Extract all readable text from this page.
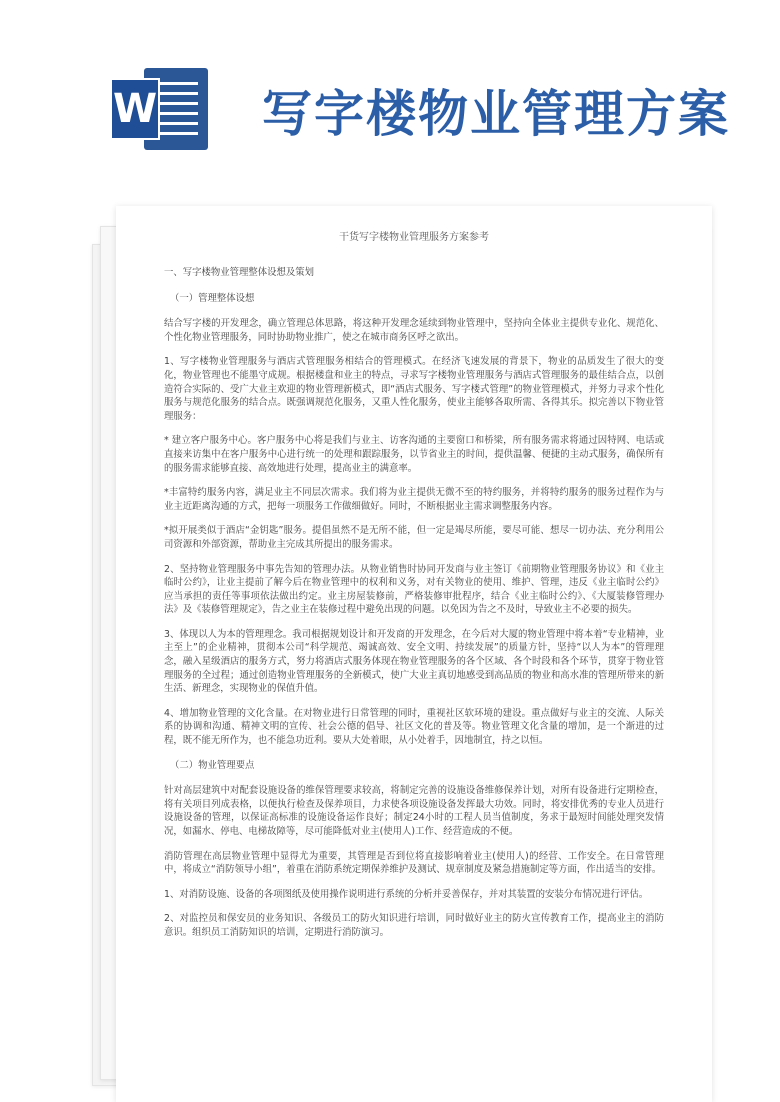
W 写字楼物业管理方案
干货写字楼物业管理服务方案参考

一、写字楼物业管理整体设想及策划

（一）管理整体设想

结合写字楼的开发理念，确立管理总体思路，将这种开发理念延续到物业管理中，坚持向全体业主提供专业化、规范化、个性化物业管理服务，同时协助物业推广，使之在城市商务区呼之欲出。

1、写字楼物业管理服务与酒店式管理服务相结合的管理模式。在经济飞速发展的背景下，物业的品质发生了很大的变化，物业管理也不能墨守成规。根据楼盘和业主的特点，寻求写字楼物业管理服务与酒店式管理服务的最佳结合点，以创造符合实际的、受广大业主欢迎的物业管理新模式，即“酒店式服务、写字楼式管理”的物业管理模式，并努力寻求个性化服务与规范化服务的结合点。既强调规范化服务，又重人性化服务，使业主能够各取所需、各得其乐。拟完善以下物业管理服务：

* 建立客户服务中心。客户服务中心将是我们与业主、访客沟通的主要窗口和桥梁，所有服务需求将通过因特网、电话或直接来访集中在客户服务中心进行统一的处理和跟踪服务，以节省业主的时间，提供温馨、便捷的主动式服务，确保所有的服务需求能够直接、高效地进行处理，提高业主的满意率。

*丰富特约服务内容，满足业主不同层次需求。我们将为业主提供无微不至的特约服务，并将特约服务的服务过程作为与业主近距离沟通的方式，把每一项服务工作做细做好。同时，不断根据业主需求调整服务内容。

*拟开展类似于酒店“金钥匙”服务。提倡虽然不是无所不能，但一定是竭尽所能，要尽可能、想尽一切办法、充分利用公司资源和外部资源，帮助业主完成其所提出的服务需求。

2、坚持物业管理服务中事先告知的管理办法。从物业销售时协同开发商与业主签订《前期物业管理服务协议》和《业主临时公约》，让业主提前了解今后在物业管理中的权利和义务，对有关物业的使用、维护、管理，违反《业主临时公约》应当承担的责任等事项依法做出约定。业主房屋装修前，严格装修审批程序，结合《业主临时公约》、《大厦装修管理办法》及《装修管理规定》，告之业主在装修过程中避免出现的问题。以免因为告之不及时，导致业主不必要的损失。

3、体现以人为本的管理理念。我司根据规划设计和开发商的开发理念，在今后对大厦的物业管理中将本着“专业精神，业主至上”的企业精神，贯彻本公司“科学规范、竭诚高效、安全文明、持续发展”的质量方针，坚持“以人为本”的管理理念，融入星级酒店的服务方式，努力将酒店式服务体现在物业管理服务的各个区域、各个时段和各个环节，贯穿于物业管理服务的全过程；通过创造物业管理服务的全新模式，使广大业主真切地感受到高品质的物业和高水准的管理所带来的新生活、新理念，实现物业的保值升值。

4、增加物业管理的文化含量。在对物业进行日常管理的同时，重视社区软环境的建设。重点做好与业主的交流、人际关系的协调和沟通、精神文明的宣传、社会公德的倡导、社区文化的普及等。物业管理文化含量的增加，是一个渐进的过程，既不能无所作为，也不能急功近利。要从大处着眼，从小处着手，因地制宜，持之以恒。

（二）物业管理要点

针对高层建筑中对配套设施设备的维保管理要求较高，将制定完善的设施设备维修保养计划，对所有设备进行定期检查，将有关项目列成表格，以便执行检查及保养项目，力求使各项设施设备发挥最大功效。同时，将安排优秀的专业人员进行设施设备的管理，以保证高标准的设施设备运作良好；制定24小时的工程人员当值制度，务求于最短时间能处理突发情况，如漏水、停电、电梯故障等，尽可能降低对业主(使用人)工作、经营造成的不便。

消防管理在高层物业管理中显得尤为重要，其管理是否到位将直接影响着业主(使用人)的经营、工作安全。在日常管理中，将成立“消防领导小组”，着重在消防系统定期保养维护及测试、规章制度及紧急措施制定等方面，作出适当的安排。

1、对消防设施、设备的各项图纸及使用操作说明进行系统的分析并妥善保存，并对其装置的安装分布情况进行评估。

2、对监控员和保安员的业务知识、各级员工的防火知识进行培训，同时做好业主的防火宣传教育工作，提高业主的消防意识。组织员工消防知识的培训，定期进行消防演习。
